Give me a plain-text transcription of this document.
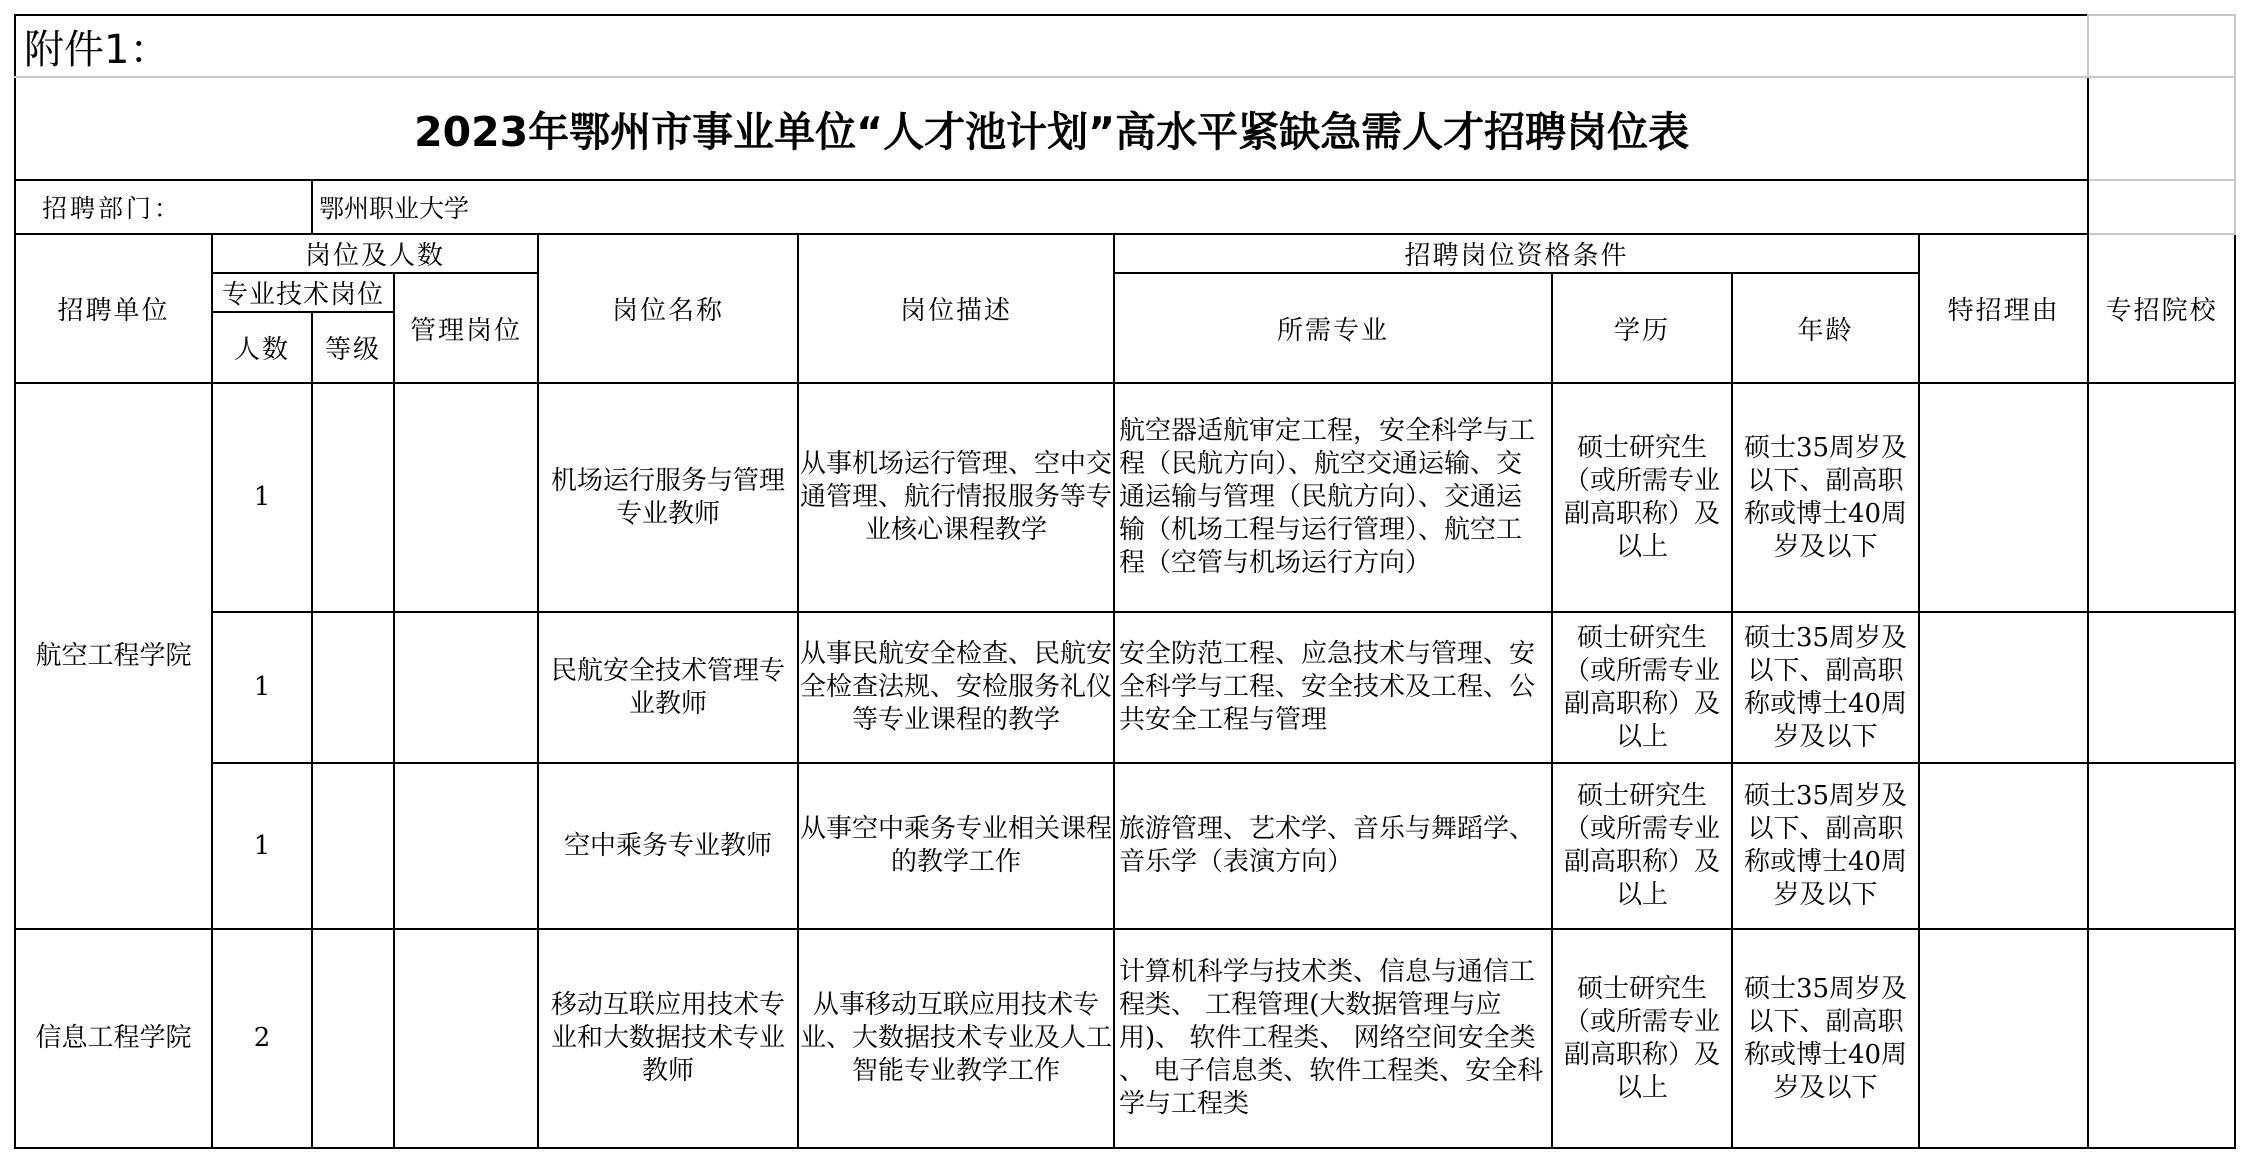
附件1：										
2023年鄂州市事业单位“人才池计划”高水平紧缺急需人才招聘岗位表										
招聘部门：		鄂州职业大学								
招聘单位	岗位及人数			岗位名称	岗位描述	招聘岗位资格条件			特招理由	专招院校
	专业技术岗位		管理岗位			所需专业	学历	年龄		
	人数	等级								
航空工程学院	1			机场运行服务与管理专业教师	从事机场运行管理、空中交通管理、航行情报服务等专业核心课程教学	航空器适航审定工程，安全科学与工程（民航方向）、航空交通运输、交通运输与管理（民航方向）、交通运输（机场工程与运行管理）、航空工程（空管与机场运行方向）	硕士研究生（或所需专业副高职称）及以上	硕士35周岁及以下、副高职称或博士40周岁及以下		
	1			民航安全技术管理专业教师	从事民航安全检查、民航安全检查法规、安检服务礼仪等专业课程的教学	安全防范工程、应急技术与管理、安全科学与工程、安全技术及工程、公共安全工程与管理	硕士研究生（或所需专业副高职称）及以上	硕士35周岁及以下、副高职称或博士40周岁及以下		
	1			空中乘务专业教师	从事空中乘务专业相关课程的教学工作	旅游管理、艺术学、音乐与舞蹈学、音乐学（表演方向）	硕士研究生（或所需专业副高职称）及以上	硕士35周岁及以下、副高职称或博士40周岁及以下		
信息工程学院	2			移动互联应用技术专业和大数据技术专业教师	从事移动互联应用技术专业、大数据技术专业及人工智能专业教学工作	计算机科学与技术类、信息与通信工程类、 工程管理(大数据管理与应用)、 软件工程类、 网络空间安全类 、 电子信息类、软件工程类、安全科学与工程类	硕士研究生（或所需专业副高职称）及以上	硕士35周岁及以下、副高职称或博士40周岁及以下		
